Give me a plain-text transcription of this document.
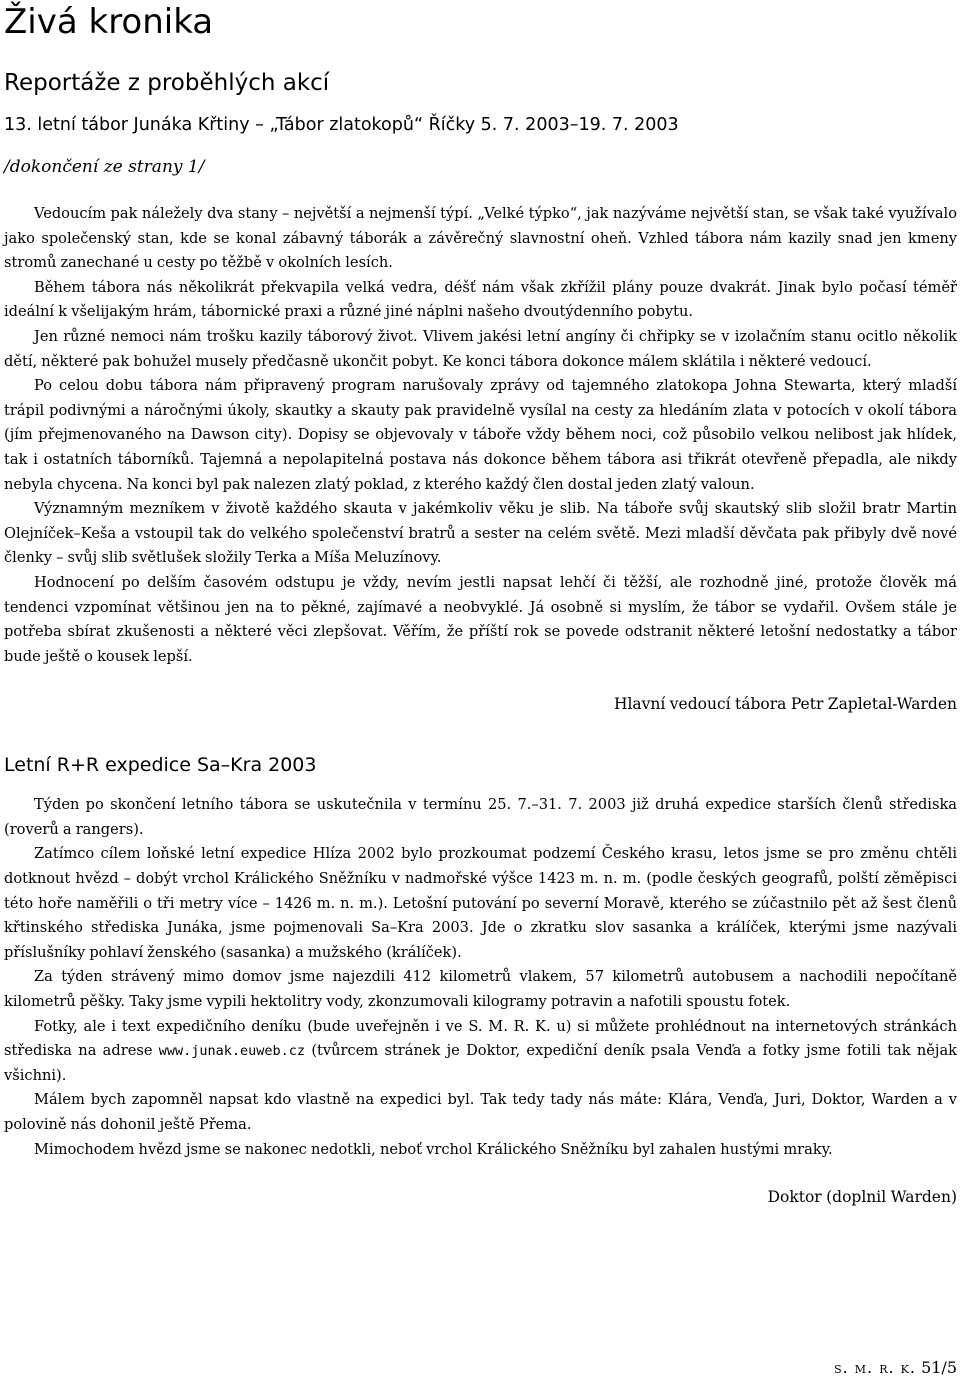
Živá kronika
Reportáže z proběhlých akcí
13. letní tábor Junáka Křtiny – „Tábor zlatokopů“ Říčky 5. 7. 2003–19. 7. 2003
/dokončení ze strany 1/

Vedoucím pak náležely dva stany – největší a nejmenší týpí. „Velké týpko“, jak nazýváme největší stan, se však také využívalo jako společenský stan, kde se konal zábavný táborák a závěrečný slavnostní oheň. Vzhled tábora nám kazily snad jen kmeny stromů zanechané u cesty po těžbě v okolních lesích.

Během tábora nás několikrát překvapila velká vedra, déšť nám však zkřížil plány pouze dvakrát. Jinak bylo počasí téměř ideální k všelijakým hrám, tábornické praxi a různé jiné náplni našeho dvoutýdenního pobytu.

Jen různé nemoci nám trošku kazily táborový život. Vlivem jakési letní angíny či chřipky se v izolačním stanu ocitlo několik dětí, některé pak bohužel musely předčasně ukončit pobyt. Ke konci tábora dokonce málem sklátila i některé vedoucí.

Po celou dobu tábora nám připravený program narušovaly zprávy od tajemného zlatokopa Johna Stewarta, který mladší trápil podivnými a náročnými úkoly, skautky a skauty pak pravidelně vysílal na cesty za hledáním zlata v potocích v okolí tábora (jím přejmenovaného na Dawson city). Dopisy se objevovaly v táboře vždy během noci, což působilo velkou nelibost jak hlídek, tak i ostatních táborníků. Tajemná a nepolapitelná postava nás dokonce během tábora asi třikrát otevřeně přepadla, ale nikdy nebyla chycena. Na konci byl pak nalezen zlatý poklad, z kterého každý člen dostal jeden zlatý valoun.

Významným mezníkem v životě každého skauta v jakémkoliv věku je slib. Na táboře svůj skautský slib složil bratr Martin Olejníček–Keša a vstoupil tak do velkého společenství bratrů a sester na celém světě. Mezi mladší děvčata pak přibyly dvě nové členky – svůj slib světlušek složily Terka a Míša Meluzínovy.

Hodnocení po delším časovém odstupu je vždy, nevím jestli napsat lehčí či těžší, ale rozhodně jiné, protože člověk má tendenci vzpomínat většinou jen na to pěkné, zajímavé a neobvyklé. Já osobně si myslím, že tábor se vydařil. Ovšem stále je potřeba sbírat zkušenosti a některé věci zlepšovat. Věřím, že příští rok se povede odstranit některé letošní nedostatky a tábor bude ještě o kousek lepší.

Hlavní vedoucí tábora Petr Zapletal-Warden

Letní R+R expedice Sa–Kra 2003

Týden po skončení letního tábora se uskutečnila v termínu 25. 7.–31. 7. 2003 již druhá expedice starších členů střediska (roverů a rangers).

Zatímco cílem loňské letní expedice Hlíza 2002 bylo prozkoumat podzemí Českého krasu, letos jsme se pro změnu chtěli dotknout hvězd – dobýt vrchol Králického Sněžníku v nadmořské výšce 1423 m. n. m. (podle českých geografů, polští zěměpisci této hoře naměřili o tři metry více – 1426 m. n. m.). Letošní putování po severní Moravě, kterého se zúčastnilo pět až šest členů křtinského střediska Junáka, jsme pojmenovali Sa–Kra 2003. Jde o zkratku slov sasanka a králíček, kterými jsme nazývali příslušníky pohlaví ženského (sasanka) a mužského (králíček).

Za týden strávený mimo domov jsme najezdili 412 kilometrů vlakem, 57 kilometrů autobusem a nachodili nepočítaně kilometrů pěšky. Taky jsme vypili hektolitry vody, zkonzumovali kilogramy potravin a nafotili spoustu fotek.

Fotky, ale i text expedičního deníku (bude uveřejněn i ve S. M. R. K. u) si můžete prohlédnout na internetových stránkách střediska na adrese www.junak.euweb.cz (tvůrcem stránek je Doktor, expediční deník psala Venďa a fotky jsme fotili tak nějak všichni).

Málem bych zapomněl napsat kdo vlastně na expedici byl. Tak tedy tady nás máte: Klára, Venďa, Juri, Doktor, Warden a v polovině nás dohonil ještě Přema.

Mimochodem hvězd jsme se nakonec nedotkli, neboť vrchol Králického Sněžníku byl zahalen hustými mraky.

Doktor (doplnil Warden)

s. m. r. k. 51/5
